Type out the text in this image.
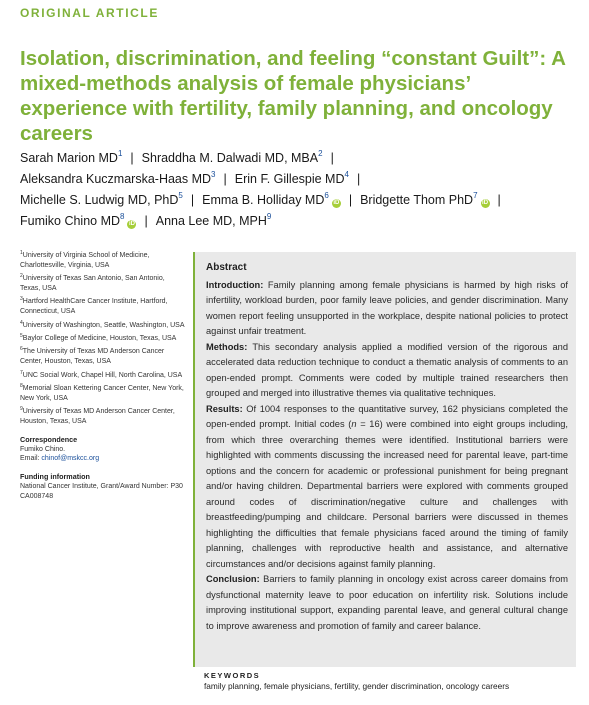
ORIGINAL ARTICLE
Isolation, discrimination, and feeling “constant Guilt”: A mixed-methods analysis of female physicians’ experience with fertility, family planning, and oncology careers
Sarah Marion $MD^1$ | Shraddha M. Dalwadi MD, MBA$^2$ |
Aleksandra Kuczmarska-Haas $MD^3$ | Erin F. Gillespie $MD^4$ |
Michelle S. Ludwig MD, PhD$^5$ | Emma B. Holliday $MD^6iD$ | Bridgette Thom PhD$^7$iD |
Fumiko Chino $MD^8iD$ | Anna Lee MD, MPH$^9$
$^1$University of Virginia School of Medicine, Charlottesville, Virginia, USA
$^2$University of Texas San Antonio, San Antonio, Texas, USA
$^3$Hartford HealthCare Cancer Institute, Hartford, Connecticut, USA
$^4$University of Washington, Seattle, Washington, USA
$^5$Baylor College of Medicine, Houston, Texas, USA
$^6$The University of Texas MD Anderson Cancer Center, Houston, Texas, USA
$^7$UNC Social Work, Chapel Hill, North Carolina, USA
$^8$Memorial Sloan Kettering Cancer Center, New York, New York, USA
$^9$University of Texas MD Anderson Cancer Center, Houston, Texas, USA
Correspondence
Fumiko Chino.
Email: chinof@mskcc.org
Funding information
National Cancer Institute, Grant/Award Number: P30 CA008748
Abstract

Introduction: Family planning among female physicians is harmed by high risks of infertility, workload burden, poor family leave policies, and gender discrimination. Many women report feeling unsupported in the workplace, despite national policies to protect against unfair treatment.

Methods: This secondary analysis applied a modified version of the rigorous and accelerated data reduction technique to conduct a thematic analysis of comments to an open-ended prompt. Comments were coded by multiple trained researchers then grouped and merged into illustrative themes via qualitative techniques.

Results: Of 1004 responses to the quantitative survey, 162 physicians completed the open-ended prompt. Initial codes (n = 16) were combined into eight groups including, from which three overarching themes were identified. Institutional barriers were highlighted with comments discussing the increased need for parental leave, part-time options and the concern for academic or professional punishment for being pregnant and/or having children. Departmental barriers were explored with comments grouped around codes of discrimination/negative culture and challenges with breastfeeding/pumping and childcare. Personal barriers were discussed in themes highlighting the difficulties that female physicians faced around the timing of family planning, challenges with reproductive health and assistance, and alternative circumstances and/or decisions against family planning.

Conclusion: Barriers to family planning in oncology exist across career domains from dysfunctional maternity leave to poor education on infertility risk. Solutions include improving institutional support, expanding parental leave, and general cultural change to improve awareness and promotion of family and career balance.

KEYWORDS
family planning, female physicians, fertility, gender discrimination, oncology careers
